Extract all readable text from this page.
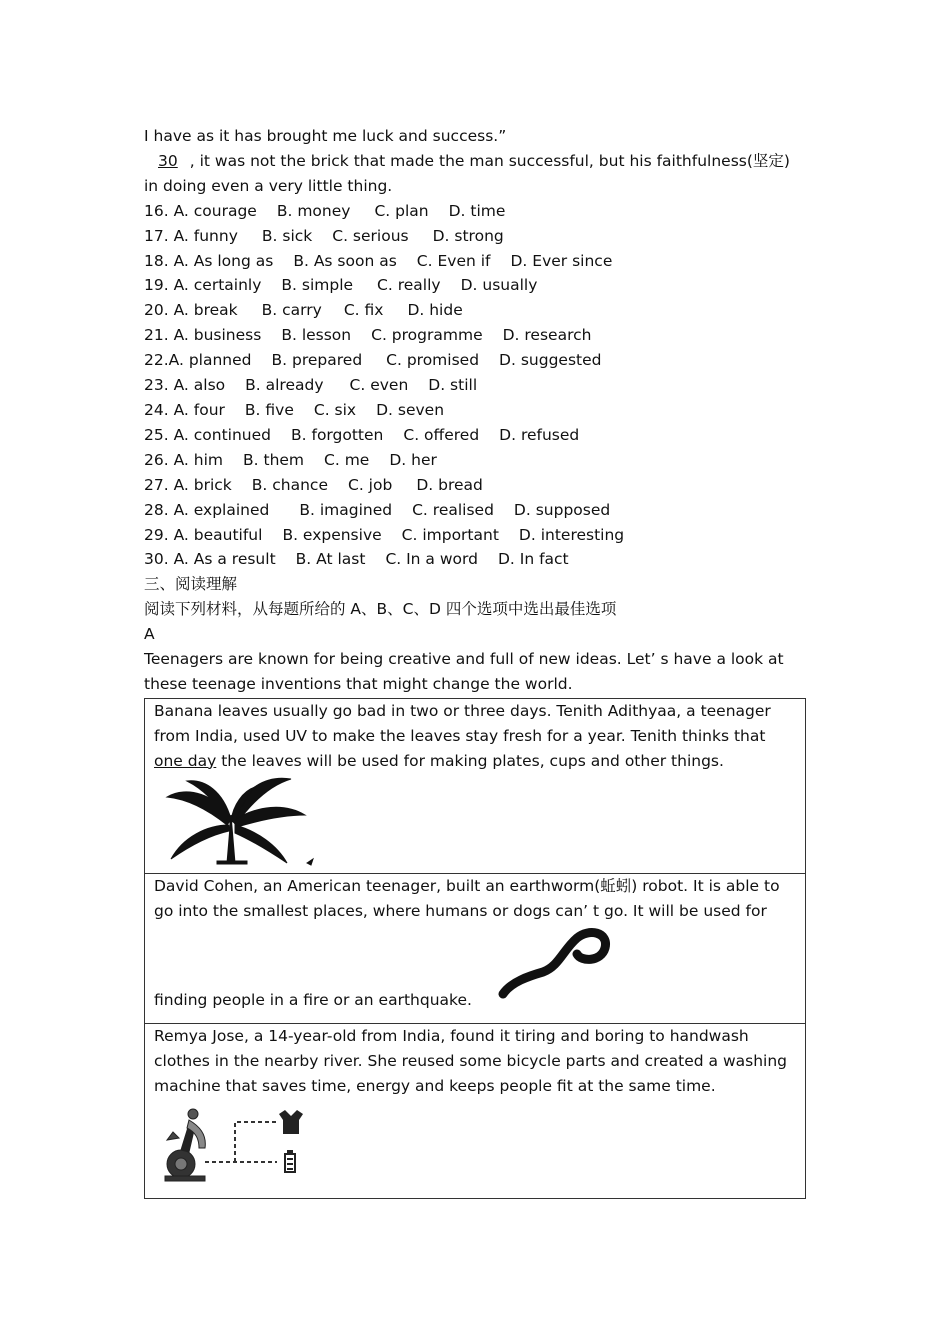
I have as it has brought me luck and success.”
30 , it was not the brick that made the man successful, but his faithfulness(坚定)
in doing even a very little thing.
16. A. courage B. money C. plan D. time
17. A. funny B. sick C. serious D. strong
18. A. As long as B. As soon as C. Even if D. Ever since
19. A. certainly B. simple C. really D. usually
20. A. break B. carry C. fix D. hide
21. A. business B. lesson C. programme D. research
22.A. planned B. prepared C. promised D. suggested
23. A. also B. already C. even D. still
24. A. four B. five C. six D. seven
25. A. continued B. forgotten C. offered D. refused
26. A. him B. them C. me D. her
27. A. brick B. chance C. job D. bread
28. A. explained B. imagined C. realised D. supposed
29. A. beautiful B. expensive C. important D. interesting
30. A. As a result B. At last C. In a word D. In fact
三、阅读理解
阅读下列材料，从每题所给的 A、B、C、D 四个选项中选出最佳选项
A
Teenagers are known for being creative and full of new ideas. Let’ s have a look at
these teenage inventions that might change the world.
Banana leaves usually go bad in two or three days. Tenith Adithyaa, a teenager
from India, used UV to make the leaves stay fresh for a year. Tenith thinks that
one day the leaves will be used for making plates, cups and other things.
David Cohen, an American teenager, built an earthworm(蚯蚓) robot. It is able to
go into the smallest places, where humans or dogs can’ t go. It will be used for
finding people in a fire or an earthquake.
Remya Jose, a 14-year-old from India, found it tiring and boring to handwash
clothes in the nearby river. She reused some bicycle parts and created a washing
machine that saves time, energy and keeps people fit at the same time.
